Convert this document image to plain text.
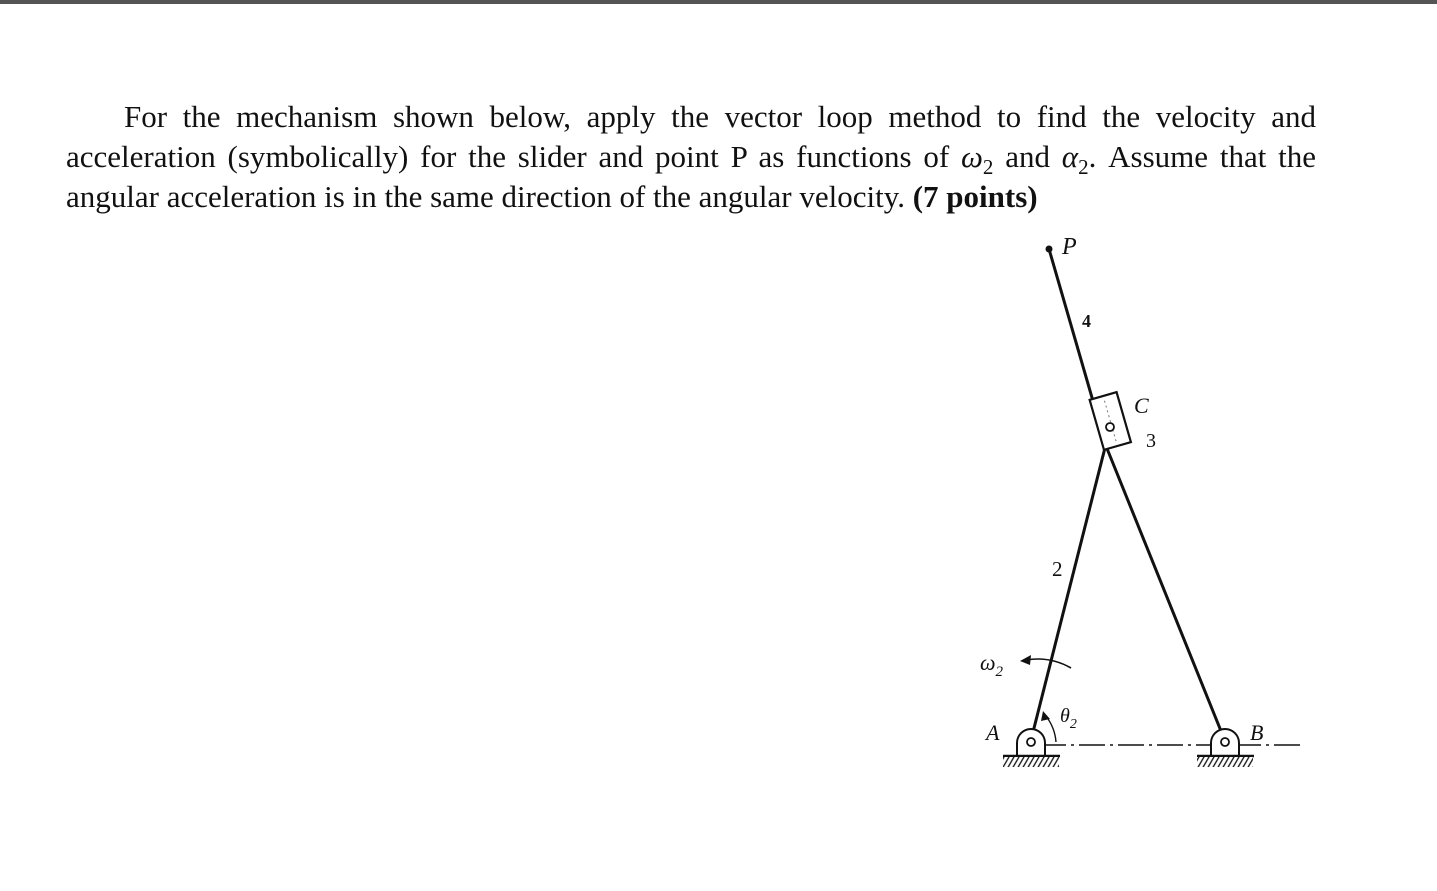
For the mechanism shown below, apply the vector loop method to find the velocity and acceleration (symbolically) for the slider and point P as functions of $\omega_2$ and $\alpha_2$. Assume that the angular acceleration is in the same direction of the angular velocity. (7 points)

P
4
C
3
2
$\omega_2$
$\theta_2$
A	B
